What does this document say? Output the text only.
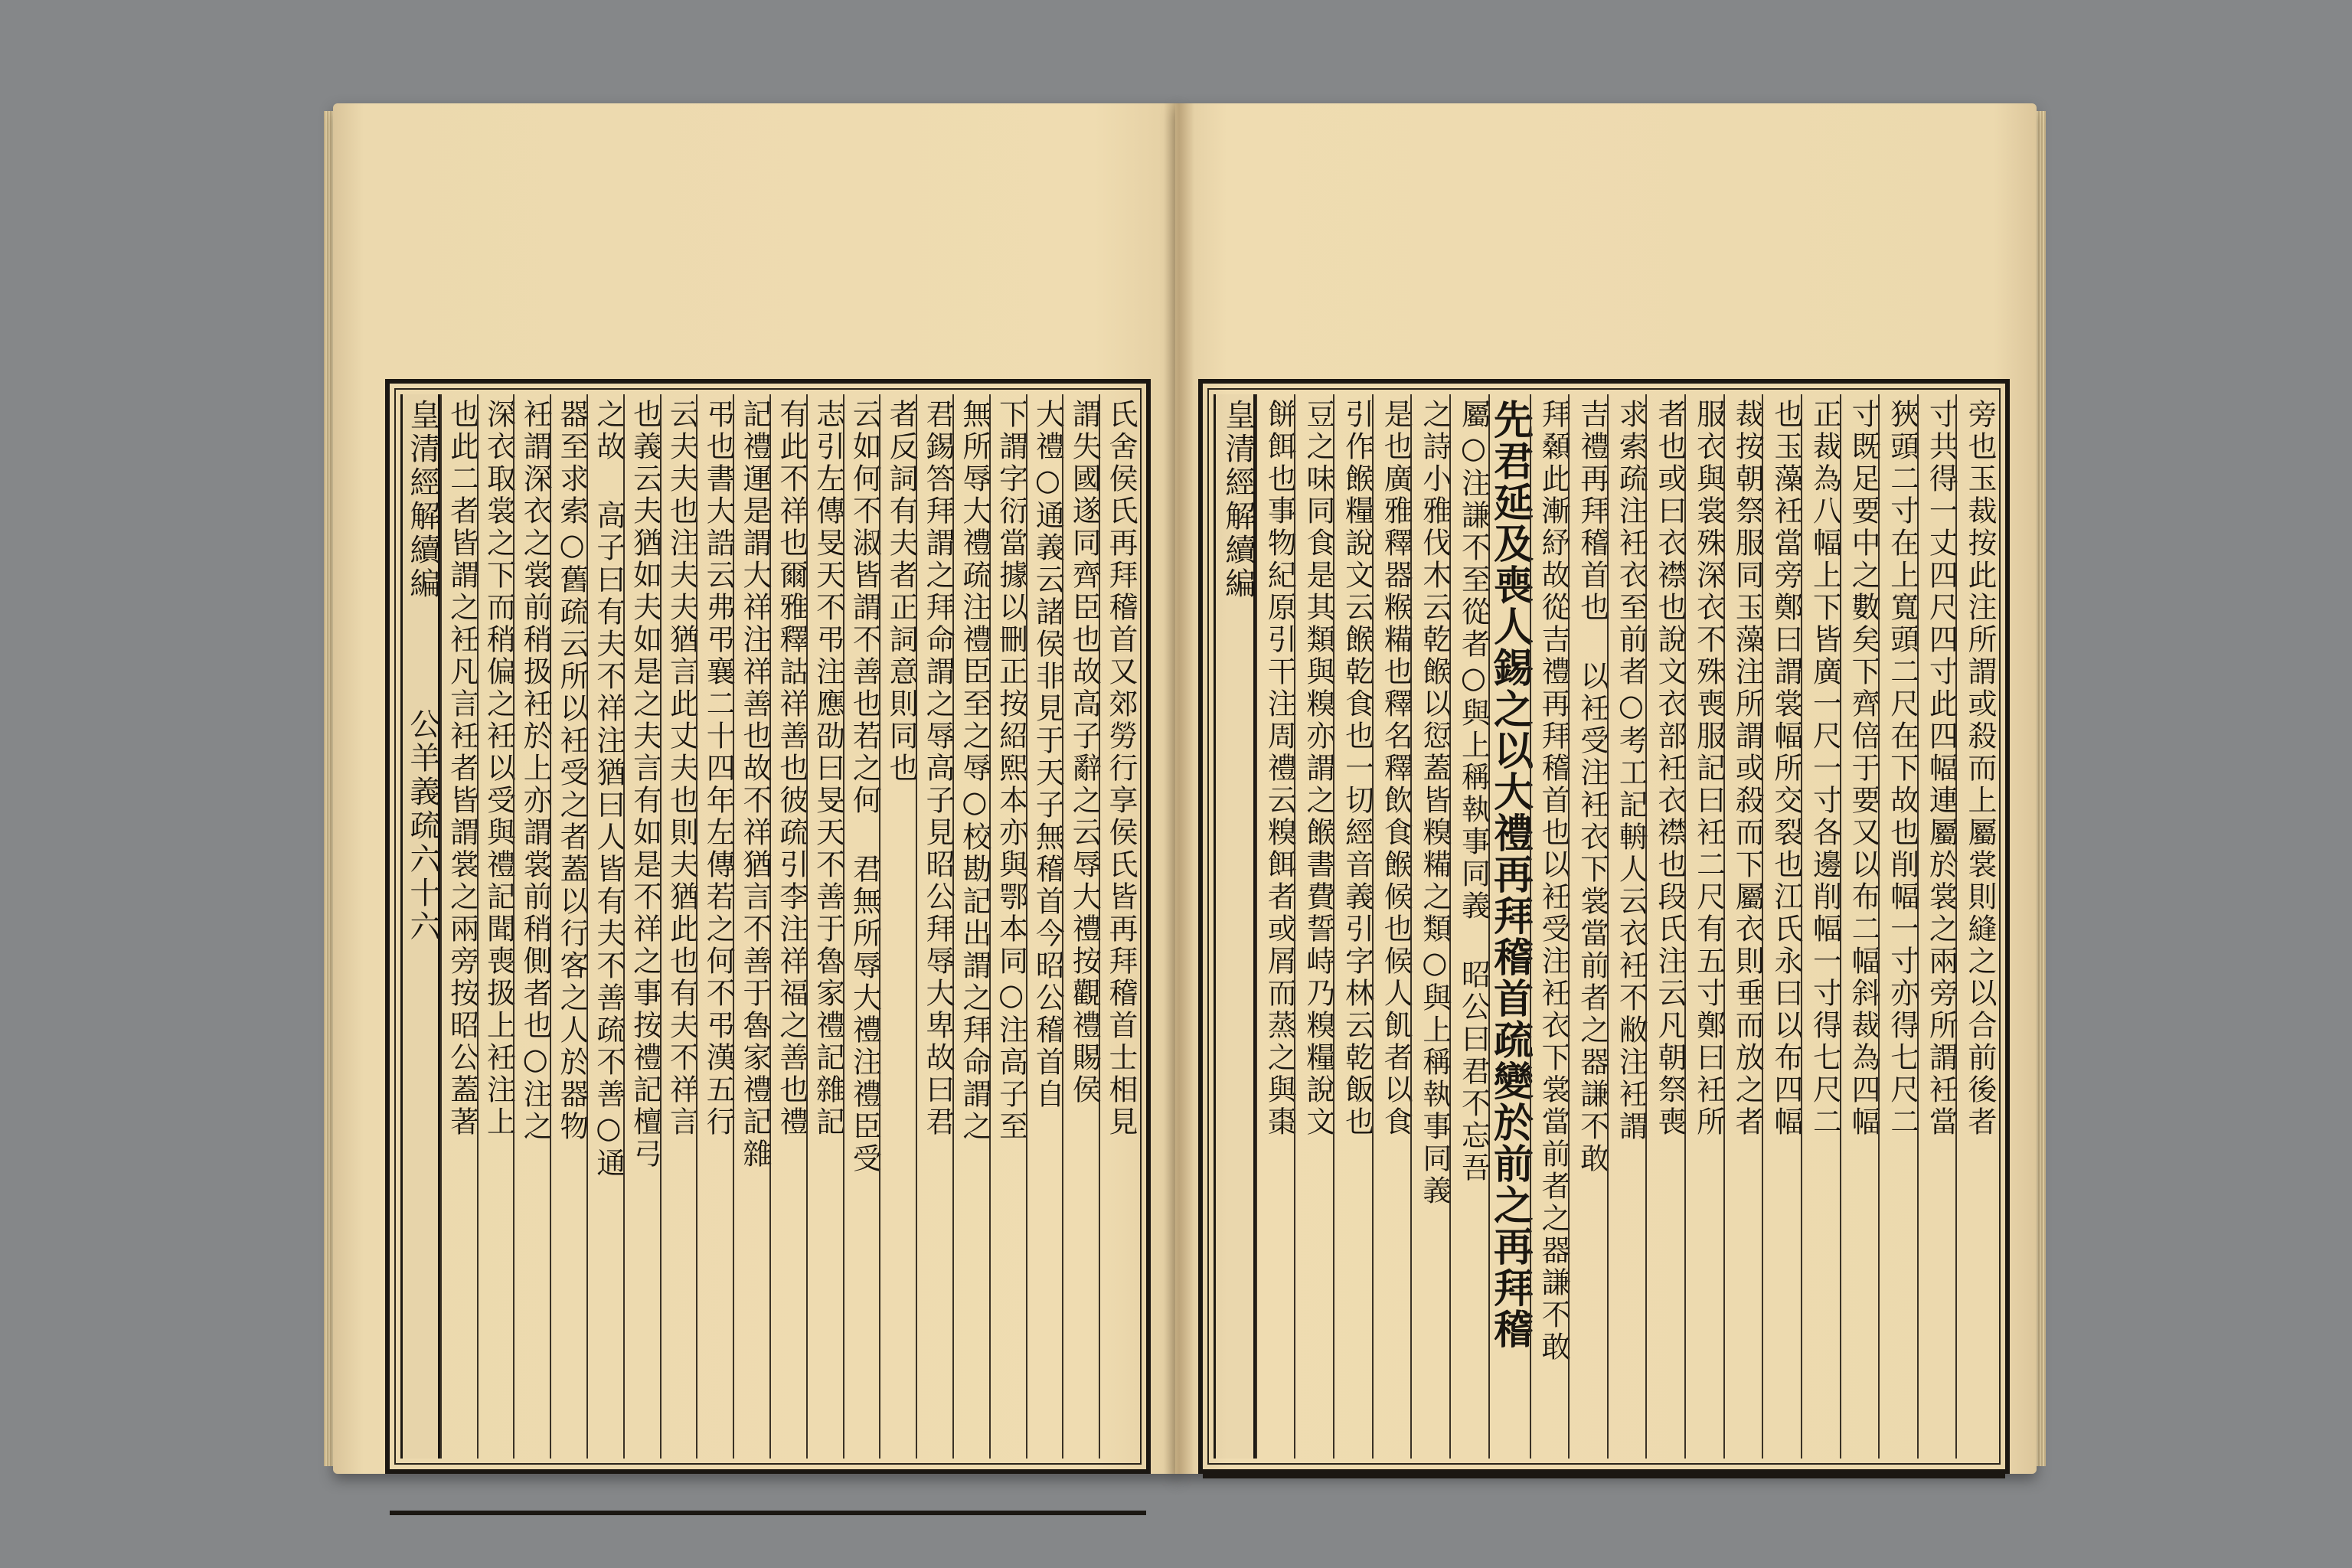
氏舍侯氏再拜稽首又郊勞行享侯氏皆再拜稽首士相見
謂失國遂同齊臣也故高子辭之云辱大禮按觀禮賜侯
大禮○通義云諸侯非見于天子無稽首今昭公稽首自
下謂字衍當據以刪正按紹熙本亦與鄂本同○注高子至
無所辱大禮疏注禮臣至之辱○校勘記出謂之拜命謂之
君錫答拜謂之拜命謂之辱高子見昭公拜辱大卑故曰君
者反詞有夫者正詞意則同也
云如何不淑皆謂不善也若之何 君無所辱大禮注禮臣受
志引左傳旻天不弔注應劭曰旻天不善于魯家禮記雜記
有此不祥也爾雅釋詁祥善也彼疏引李注祥福之善也禮
記禮運是謂大祥注祥善也故不祥猶言不善于魯家禮記雜
弔也書大誥云弗弔襄二十四年左傳若之何不弔漢五行
云夫夫也注夫夫猶言此丈夫也則夫猶此也有夫不祥言
也義云夫猶如夫如是之夫言有如是不祥之事按禮記檀弓
之故 高子曰有夫不祥注猶曰人皆有夫不善疏不善○通
器至求索○舊疏云所以衽受之者蓋以行客之人於器物
衽謂深衣之裳前稍扱衽於上亦謂裳前稍側者也○注之
深衣取裳之下而稍偏之衽以受與禮記聞喪扱上衽注上
也此二者皆謂之衽凡言衽者皆謂裳之兩旁按昭公蓋著
皇清經解續編  公羊義疏六十六	旁也玉裁按此注所謂或殺而上屬裳則縫之以合前後者
寸共得一丈四尺四寸此四幅連屬於裳之兩旁所謂衽當
狹頭二寸在上寬頭二尺在下故也削幅一寸亦得七尺二
寸既足要中之數矣下齊倍于要又以布二幅斜裁為四幅
正裁為八幅上下皆廣一尺一寸各邊削幅一寸得七尺二
也玉藻衽當旁鄭曰謂裳幅所交裂也江氏永曰以布四幅
裁按朝祭服同玉藻注所謂或殺而下屬衣則垂而放之者
服衣與裳殊深衣不殊喪服記曰衽二尺有五寸鄭曰衽所
者也或曰衣襟也說文衣部衽衣襟也段氏注云凡朝祭喪
求索疏注衽衣至前者○考工記輈人云衣衽不敝注衽謂
吉禮再拜稽首也 以衽受注衽衣下裳當前者之器謙不敢
拜顙此漸紓故從吉禮再拜稽首也以衽受注衽衣下裳當前者之器謙不敢
先君延及喪人錫之以大禮再拜稽首疏變於前之再拜稽
屬○注謙不至從者○與上稱執事同義 昭公曰君不忘吾
之詩小雅伐木云乾餱以愆蓋皆糗糒之類○與上稱執事同義
是也廣雅釋器糇糒也釋名釋飲食餱候也候人飢者以食
引作餱糧說文云餱乾食也一切經音義引字林云乾飯也
豆之味同食是其類與糗亦謂之餱書費誓峙乃糗糧說文
餅餌也事物紀原引干注周禮云糗餌者或屑而蒸之與棗
皇清經解續編
